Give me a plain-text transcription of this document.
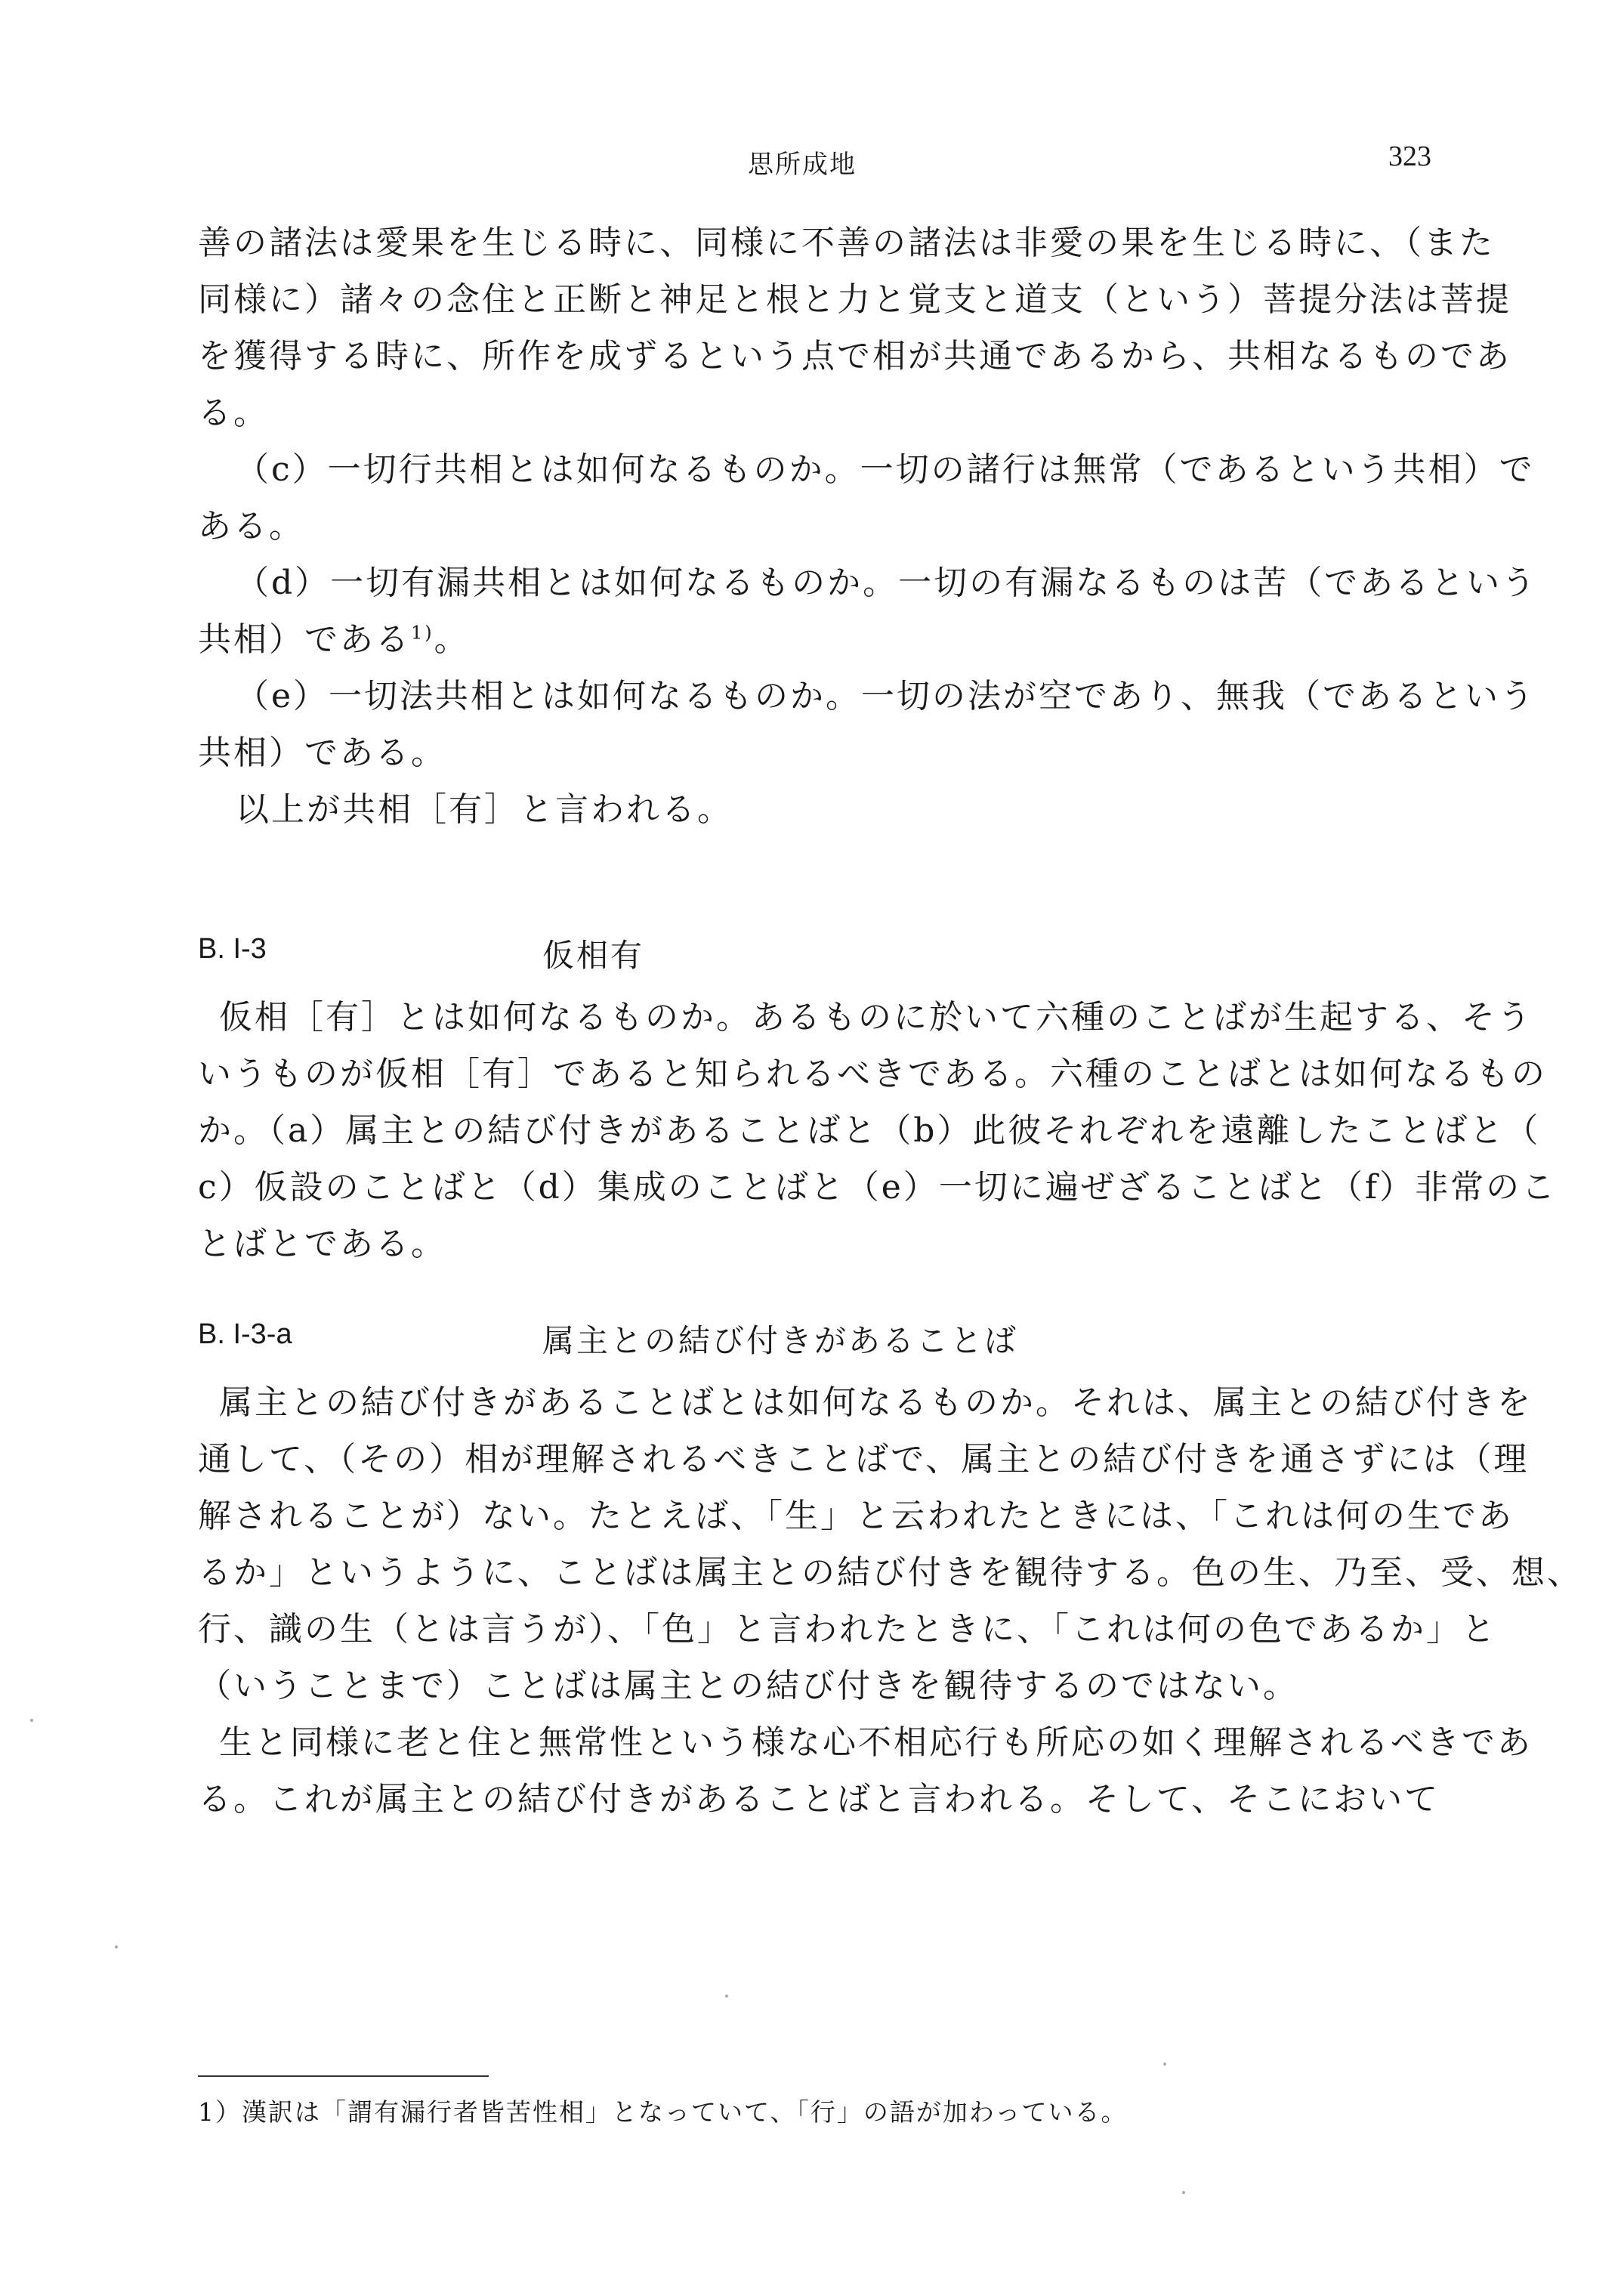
思所成地	323
善の諸法は愛果を生じる時に、同様に不善の諸法は非愛の果を生じる時に、（また
同様に）諸々の念住と正断と神足と根と力と覚支と道支（という）菩提分法は菩提
を獲得する時に、所作を成ずるという点で相が共通であるから、共相なるものであ
る。
（c）一切行共相とは如何なるものか。一切の諸行は無常（であるという共相）で
ある。
（d）一切有漏共相とは如何なるものか。一切の有漏なるものは苦（であるという
共相）である$^{1)}$。
（e）一切法共相とは如何なるものか。一切の法が空であり、無我（であるという
共相）である。
以上が共相［有］と言われる。
B. I-3	仮相有
仮相［有］とは如何なるものか。あるものに於いて六種のことばが生起する、そう
いうものが仮相［有］であると知られるべきである。六種のことばとは如何なるもの
か。（a）属主との結び付きがあることばと（b）此彼それぞれを遠離したことばと（
c）仮設のことばと（d）集成のことばと（e）一切に遍ぜざることばと（f）非常のこ
とばとである。
B. I-3-a	属主との結び付きがあることば
属主との結び付きがあることばとは如何なるものか。それは、属主との結び付きを
通して、（その）相が理解されるべきことばで、属主との結び付きを通さずには（理
解されることが）ない。たとえば、「生」と云われたときには、「これは何の生であ
るか」というように、ことばは属主との結び付きを観待する。色の生、乃至、受、想、
行、識の生（とは言うが）、「色」と言われたときに、「これは何の色であるか」と
（いうことまで）ことばは属主との結び付きを観待するのではない。
生と同様に老と住と無常性という様な心不相応行も所応の如く理解されるべきであ
る。これが属主との結び付きがあることばと言われる。そして、そこにおいて
1）漢訳は「謂有漏行者皆苦性相」となっていて、「行」の語が加わっている。
